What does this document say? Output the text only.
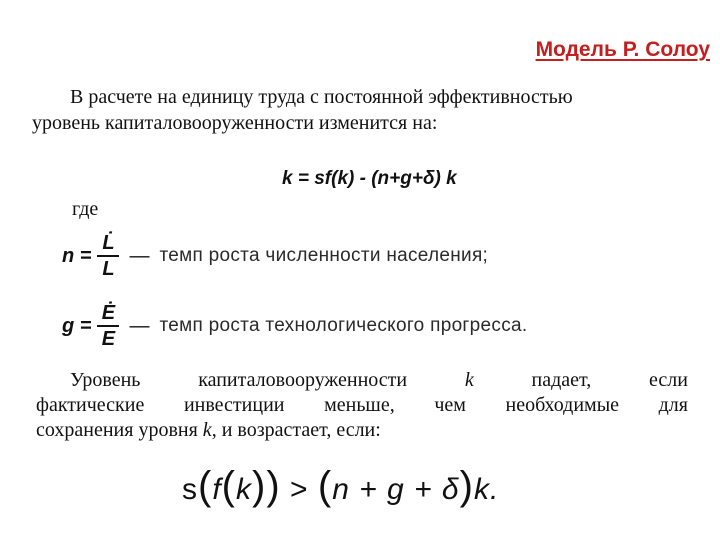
Модель Р. Солоу
В расчете на единицу труда с постоянной эффективностью
уровень капиталовооруженности изменится на:
k = sf(k) - (n+g+δ) k
где
$n = \frac{L̇}{L}$ — темп роста численности населения;
$g = \frac{Ė}{E}$ — темп роста технологического прогресса.
Уровень	капиталовооруженности	k	падает,	если
фактические инвестиции меньше, чем необходимые для
сохранения уровня k , и возрастает, если:
s(f(k)) > (n + g + δ)k.
